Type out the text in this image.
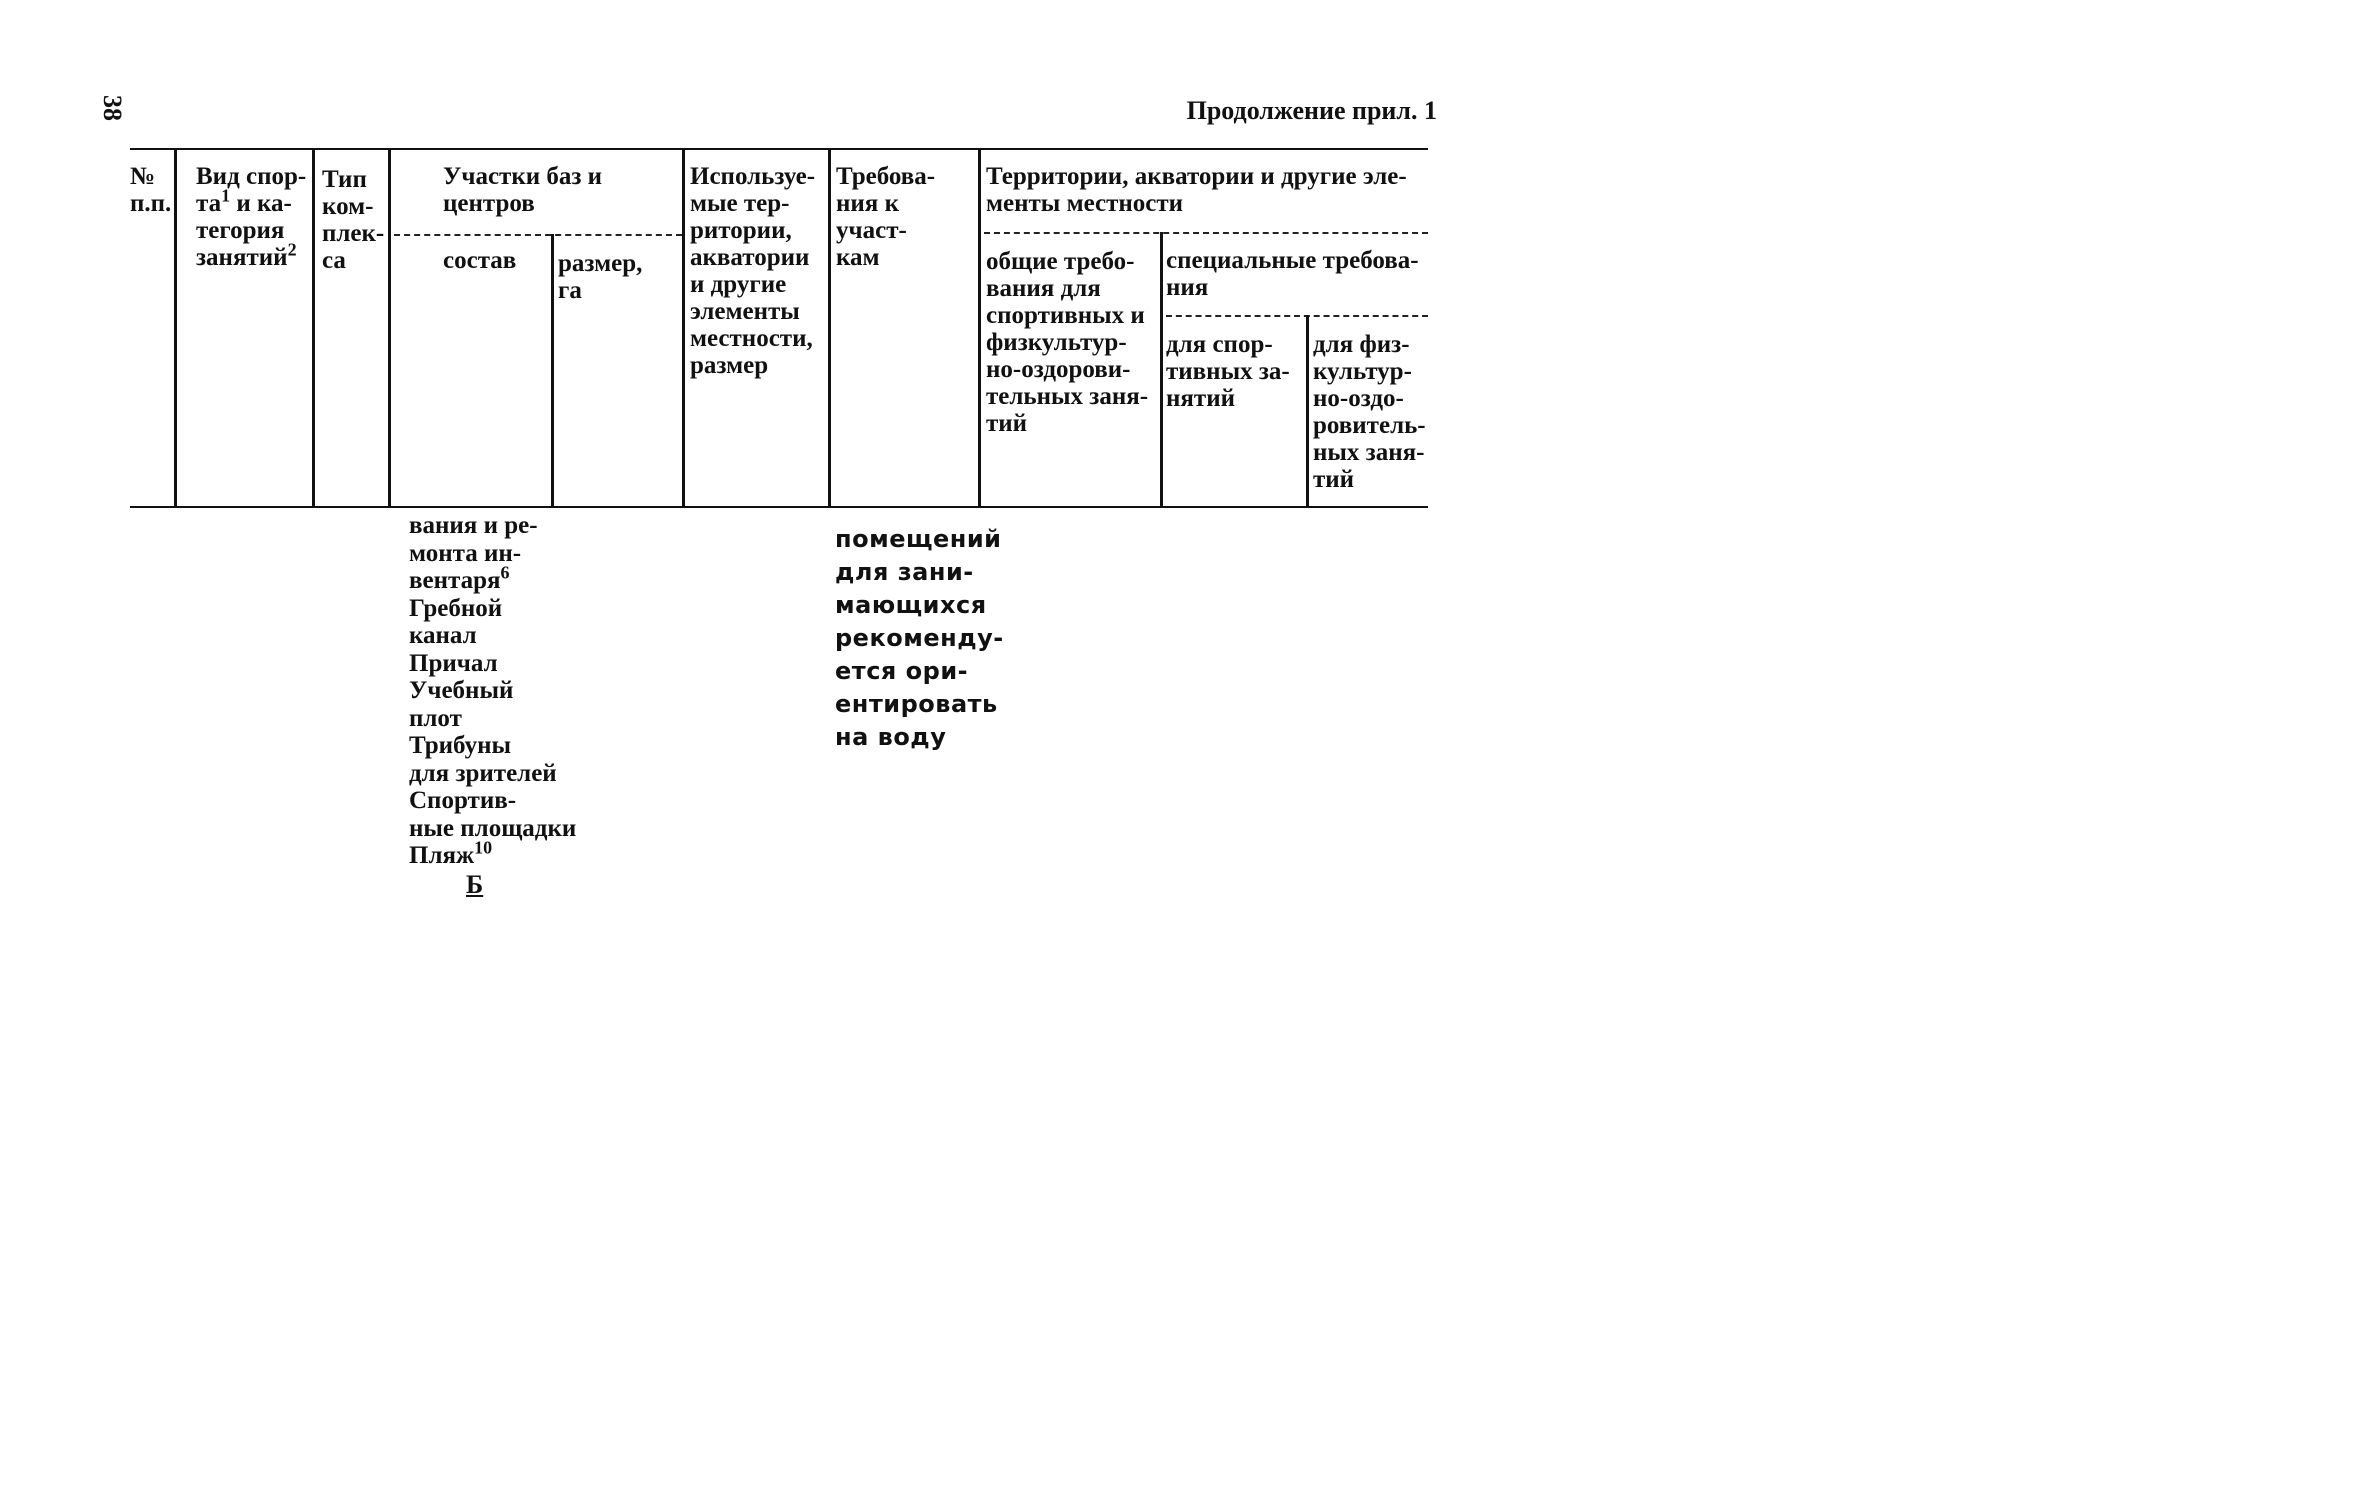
38	Продолжение прил. 1
№
п.п.
Вид спор-
$та^1$ и ка-
тегория
занятий$^2$
Тип
ком-
плек-
са
Участки баз и
центров
состав размер,
га
Используе-
мые тер-
ритории,
акватории
и другие
элементы
местности,
размер
Требова-
ния к
участ-
кам
Территории, акватории и другие эле-
менты местности
общие требо-
вания для
спортивных и
физкультур-
но-оздорови-
тельных заня-
тий
специальные требова-
ния
для спор-
тивных за-
нятий
для физ-
культур-
но-оздо-
ровитель-
ных заня-
тий
вания и ре-
монта ин-
вентаря$^6$
Гребной
канал
Причал
Учебный
плот
Трибуны
для зрителей
Спортив-
ные площадки
Пляж$^{10}$
Б
помещений
для зани-
мающихся
рекоменду-
ется ори-
ентировать
на воду
